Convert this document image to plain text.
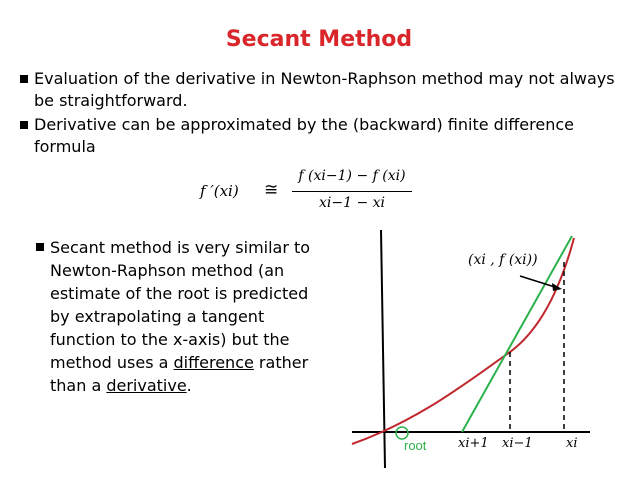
Secant Method
Evaluation of the derivative in Newton-Raphson method may not always be straightforward.
Derivative can be approximated by the (backward) finite difference formula
f ′(xi) ≅
f (xi−1) − f (xi)
xi−1 − xi
Secant method is very similar to Newton-Raphson method (an estimate of the root is predicted by extrapolating a tangent function to the x-axis) but the method uses a difference rather than a derivative.
(xi , f (xi))
root xi+1 xi−1	xi
